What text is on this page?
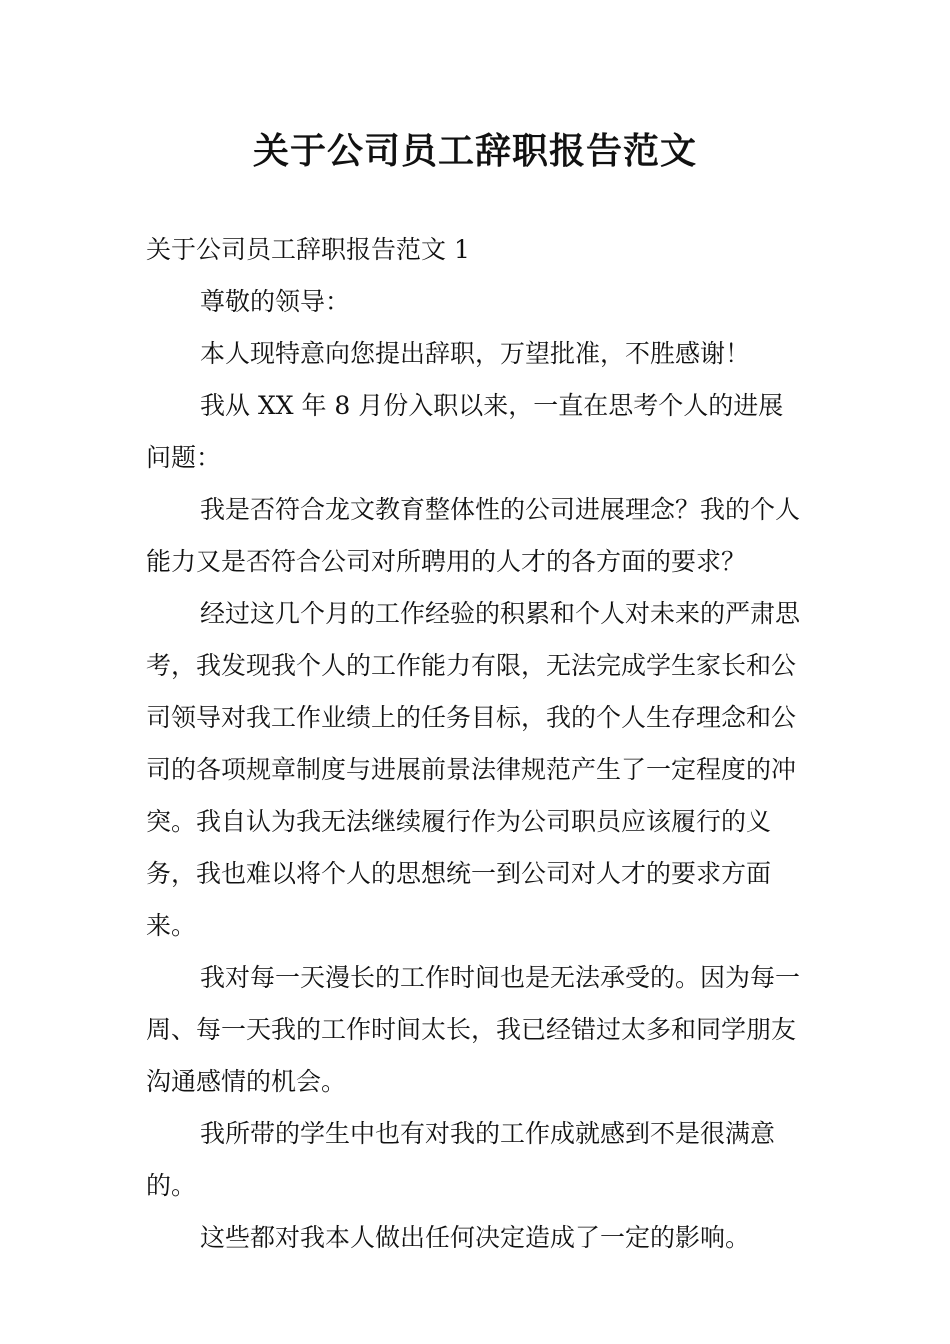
关于公司员工辞职报告范文

关于公司员工辞职报告范文 1

尊敬的领导：

本人现特意向您提出辞职，万望批准，不胜感谢！

我从 XX 年 8 月份入职以来，一直在思考个人的进展问题：

我是否符合龙文教育整体性的公司进展理念？我的个人能力又是否符合公司对所聘用的人才的各方面的要求？

经过这几个月的工作经验的积累和个人对未来的严肃思考，我发现我个人的工作能力有限，无法完成学生家长和公司领导对我工作业绩上的任务目标，我的个人生存理念和公司的各项规章制度与进展前景法律规范产生了一定程度的冲突。我自认为我无法继续履行作为公司职员应该履行的义务，我也难以将个人的思想统一到公司对人才的要求方面来。

我对每一天漫长的工作时间也是无法承受的。因为每一周、每一天我的工作时间太长，我已经错过太多和同学朋友沟通感情的机会。

我所带的学生中也有对我的工作成就感到不是很满意的。

这些都对我本人做出任何决定造成了一定的影响。
